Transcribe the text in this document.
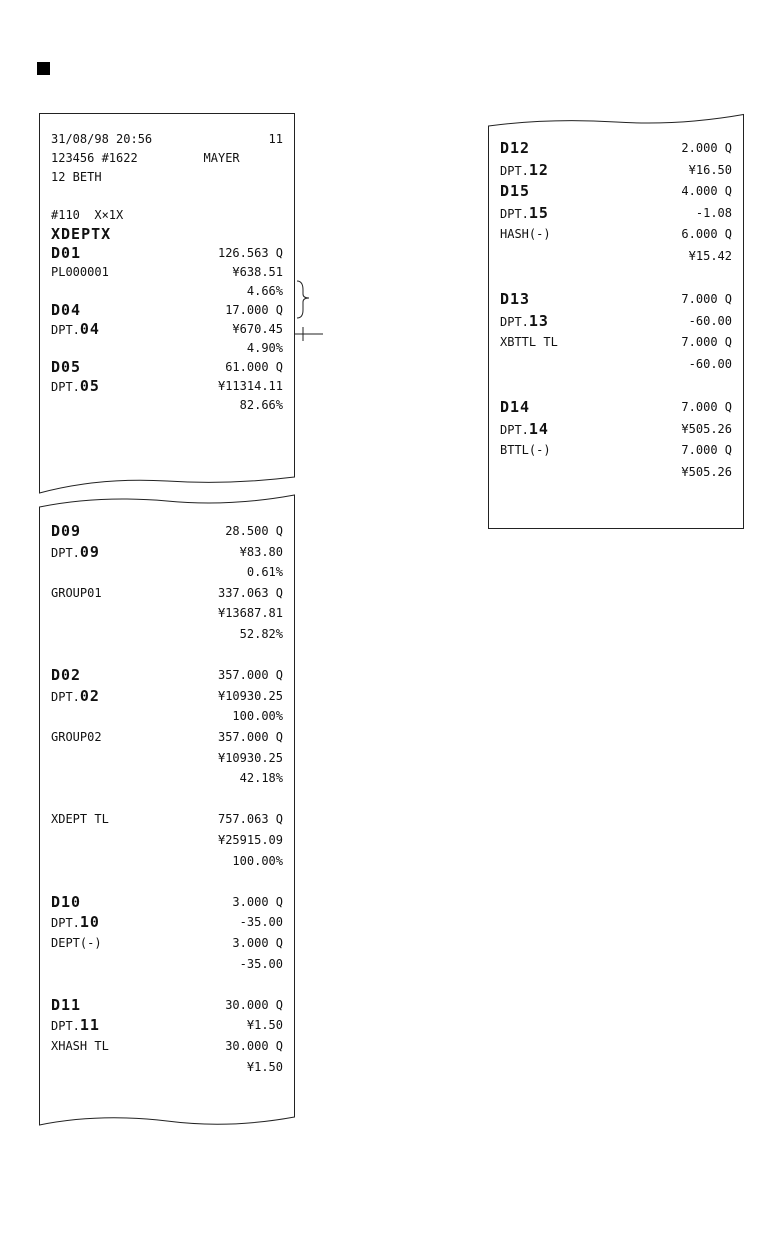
31/08/98 20:56	11
123456 #1622	MAYER
12 BETH
#110  X×1X
XDEPTX
D01	126.563 Q
PL000001	¥638.51
4.66%
D04	17.000 Q
DPT.04	¥670.45
4.90%
D05	61.000 Q
DPT.05	¥11314.11
82.66%
D09	28.500 Q
DPT.09	¥83.80
0.61%
GROUP01	337.063 Q
¥13687.81
52.82%
D02	357.000 Q
DPT.02	¥10930.25
100.00%
GROUP02	357.000 Q
¥10930.25
42.18%
XDEPT TL	757.063 Q
¥25915.09
100.00%
D10	3.000 Q
DPT.10	-35.00
DEPT(-)	3.000 Q
-35.00
D11	30.000 Q
DPT.11	¥1.50
XHASH TL	30.000 Q
¥1.50
D12	2.000 Q
DPT.12	¥16.50
D15	4.000 Q
DPT.15	-1.08
HASH(-)	6.000 Q
¥15.42
D13	7.000 Q
DPT.13	-60.00
XBTTL TL	7.000 Q
-60.00
D14	7.000 Q
DPT.14	¥505.26
BTTL(-)	7.000 Q
¥505.26
